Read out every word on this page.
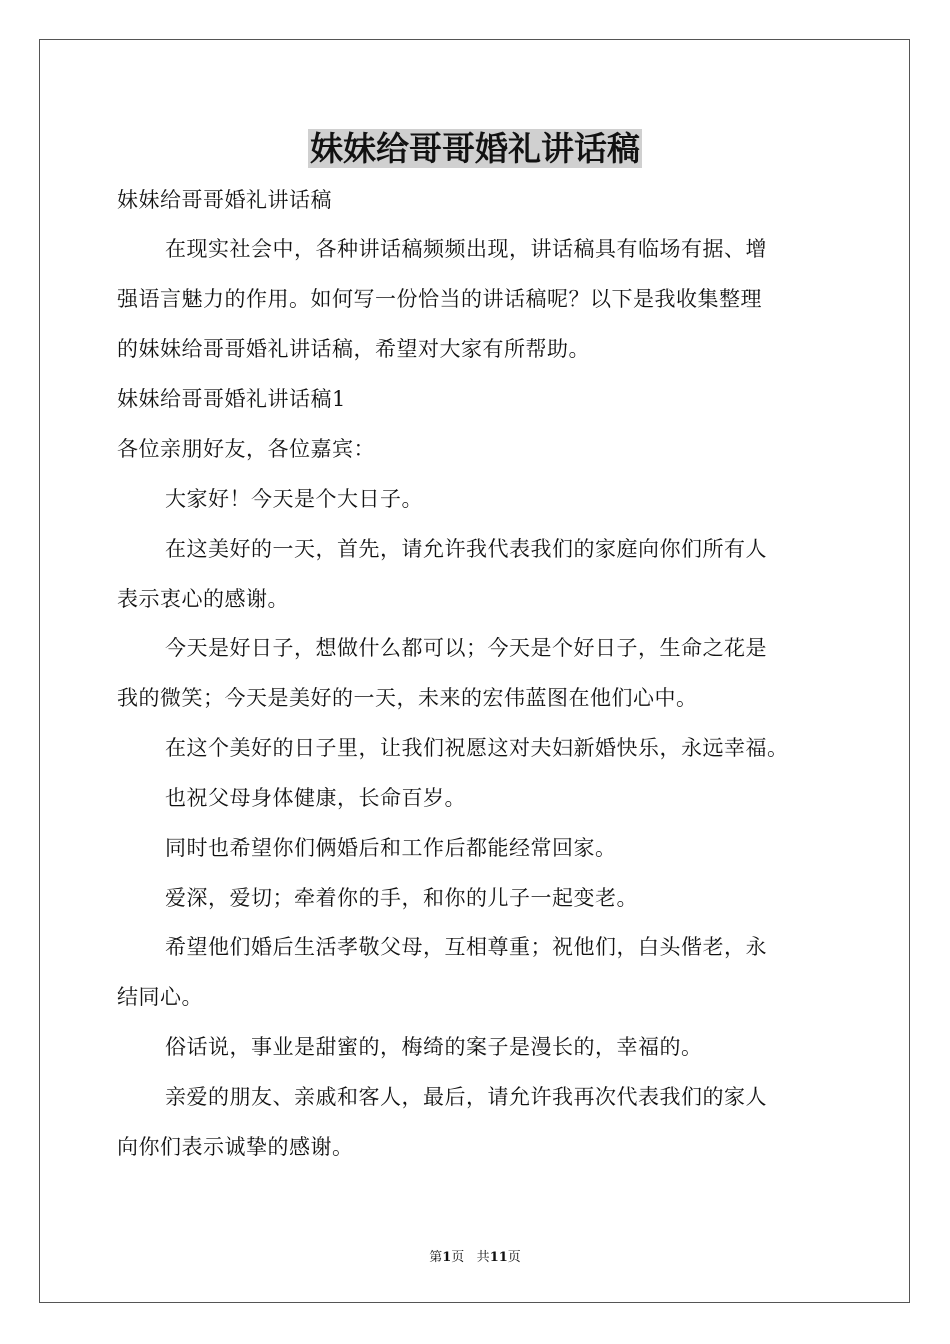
妹妹给哥哥婚礼讲话稿
妹妹给哥哥婚礼讲话稿
在现实社会中，各种讲话稿频频出现，讲话稿具有临场有据、增
强语言魅力的作用。如何写一份恰当的讲话稿呢？以下是我收集整理
的妹妹给哥哥婚礼讲话稿，希望对大家有所帮助。
妹妹给哥哥婚礼讲话稿1
各位亲朋好友，各位嘉宾：
大家好！今天是个大日子。
在这美好的一天，首先，请允许我代表我们的家庭向你们所有人
表示衷心的感谢。
今天是好日子，想做什么都可以；今天是个好日子，生命之花是
我的微笑；今天是美好的一天，未来的宏伟蓝图在他们心中。
在这个美好的日子里，让我们祝愿这对夫妇新婚快乐，永远幸福。
也祝父母身体健康，长命百岁。
同时也希望你们俩婚后和工作后都能经常回家。
爱深，爱切；牵着你的手，和你的儿子一起变老。
希望他们婚后生活孝敬父母，互相尊重；祝他们，白头偕老，永
结同心。
俗话说，事业是甜蜜的，梅绮的案子是漫长的，幸福的。
亲爱的朋友、亲戚和客人，最后，请允许我再次代表我们的家人
向你们表示诚挚的感谢。
第1页 共11页
